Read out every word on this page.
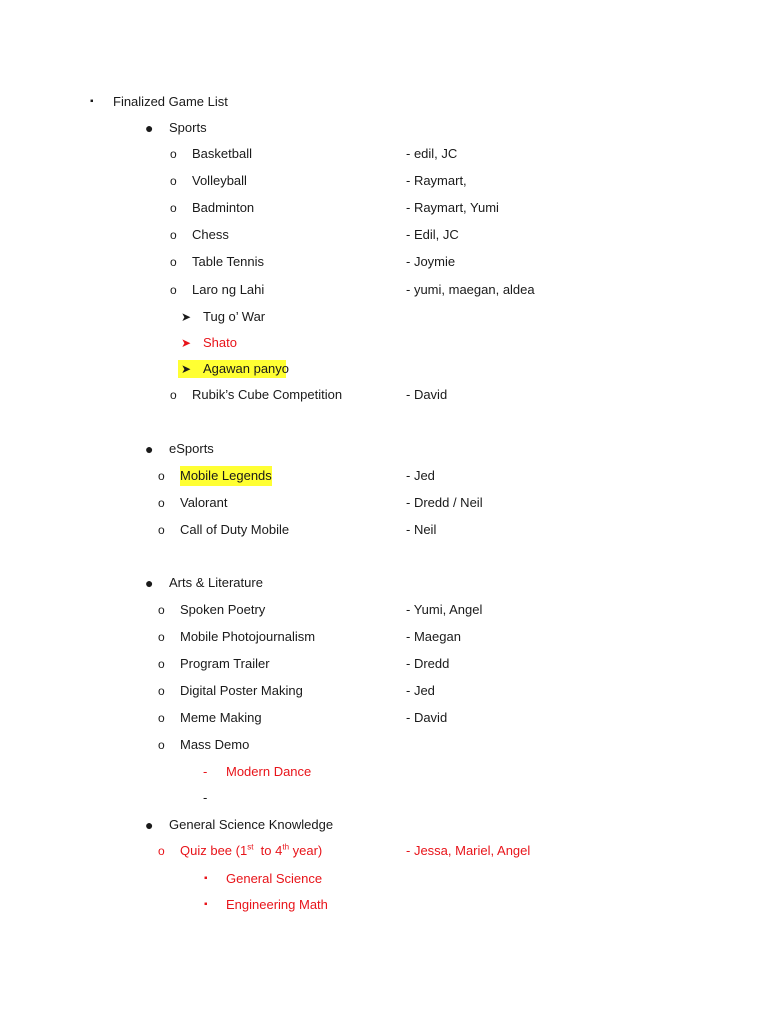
▪ Finalized Game List
● Sports
o Basketball	- edil, JC
o Volleyball	- Raymart,
o Badminton	- Raymart, Yumi
o Chess	- Edil, JC
o Table Tennis	- Joymie
o Laro ng Lahi	- yumi, maegan, aldea
➤ Tug o’ War
➤ Shato
➤ Agawan panyo
o Rubik’s Cube Competition	- David
● eSports
o Mobile Legends	- Jed
o Valorant	- Dredd / Neil
o Call of Duty Mobile	- Neil
● Arts & Literature
o Spoken Poetry	- Yumi, Angel
o Mobile Photojournalism	- Maegan
o Program Trailer	- Dredd
o Digital Poster Making	- Jed
o Meme Making	- David
o Mass Demo
- Modern Dance
-
● General Science Knowledge
o Quiz bee (1st  to 4th year)	- Jessa, Mariel, Angel
▪ General Science
▪ Engineering Math
